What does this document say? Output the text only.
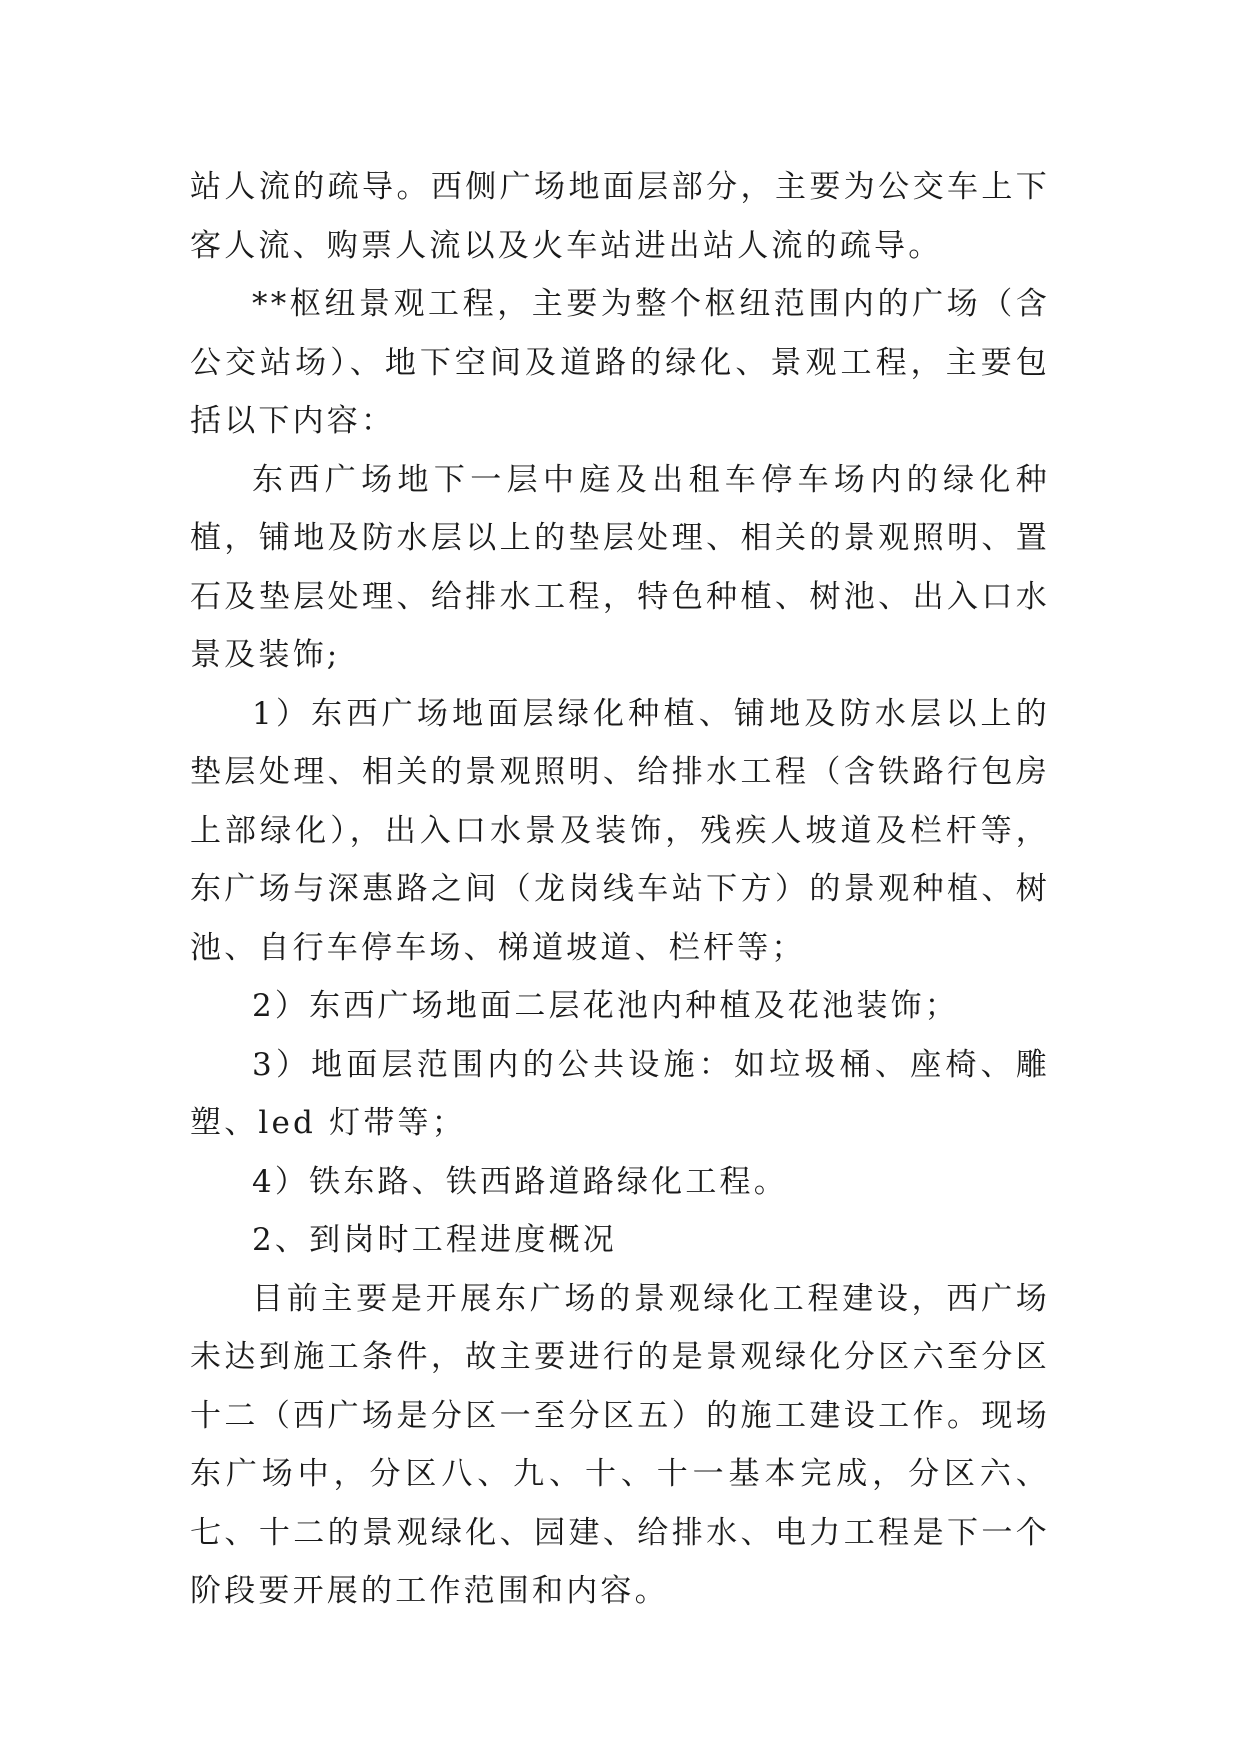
站人流的疏导。西侧广场地面层部分，主要为公交车上下客人流、购票人流以及火车站进出站人流的疏导。

**枢纽景观工程，主要为整个枢纽范围内的广场（含公交站场）、地下空间及道路的绿化、景观工程，主要包括以下内容：

东西广场地下一层中庭及出租车停车场内的绿化种植，铺地及防水层以上的垫层处理、相关的景观照明、置石及垫层处理、给排水工程，特色种植、树池、出入口水景及装饰;

1）东西广场地面层绿化种植、铺地及防水层以上的垫层处理、相关的景观照明、给排水工程（含铁路行包房上部绿化），出入口水景及装饰，残疾人坡道及栏杆等，东广场与深惠路之间（龙岗线车站下方）的景观种植、树池、自行车停车场、梯道坡道、栏杆等；

2）东西广场地面二层花池内种植及花池装饰；

3）地面层范围内的公共设施：如垃圾桶、座椅、雕塑、led 灯带等；

4）铁东路、铁西路道路绿化工程。

2、到岗时工程进度概况

目前主要是开展东广场的景观绿化工程建设，西广场未达到施工条件，故主要进行的是景观绿化分区六至分区十二（西广场是分区一至分区五）的施工建设工作。现场东广场中，分区八、九、十、十一基本完成，分区六、七、十二的景观绿化、园建、给排水、电力工程是下一个阶段要开展的工作范围和内容。
